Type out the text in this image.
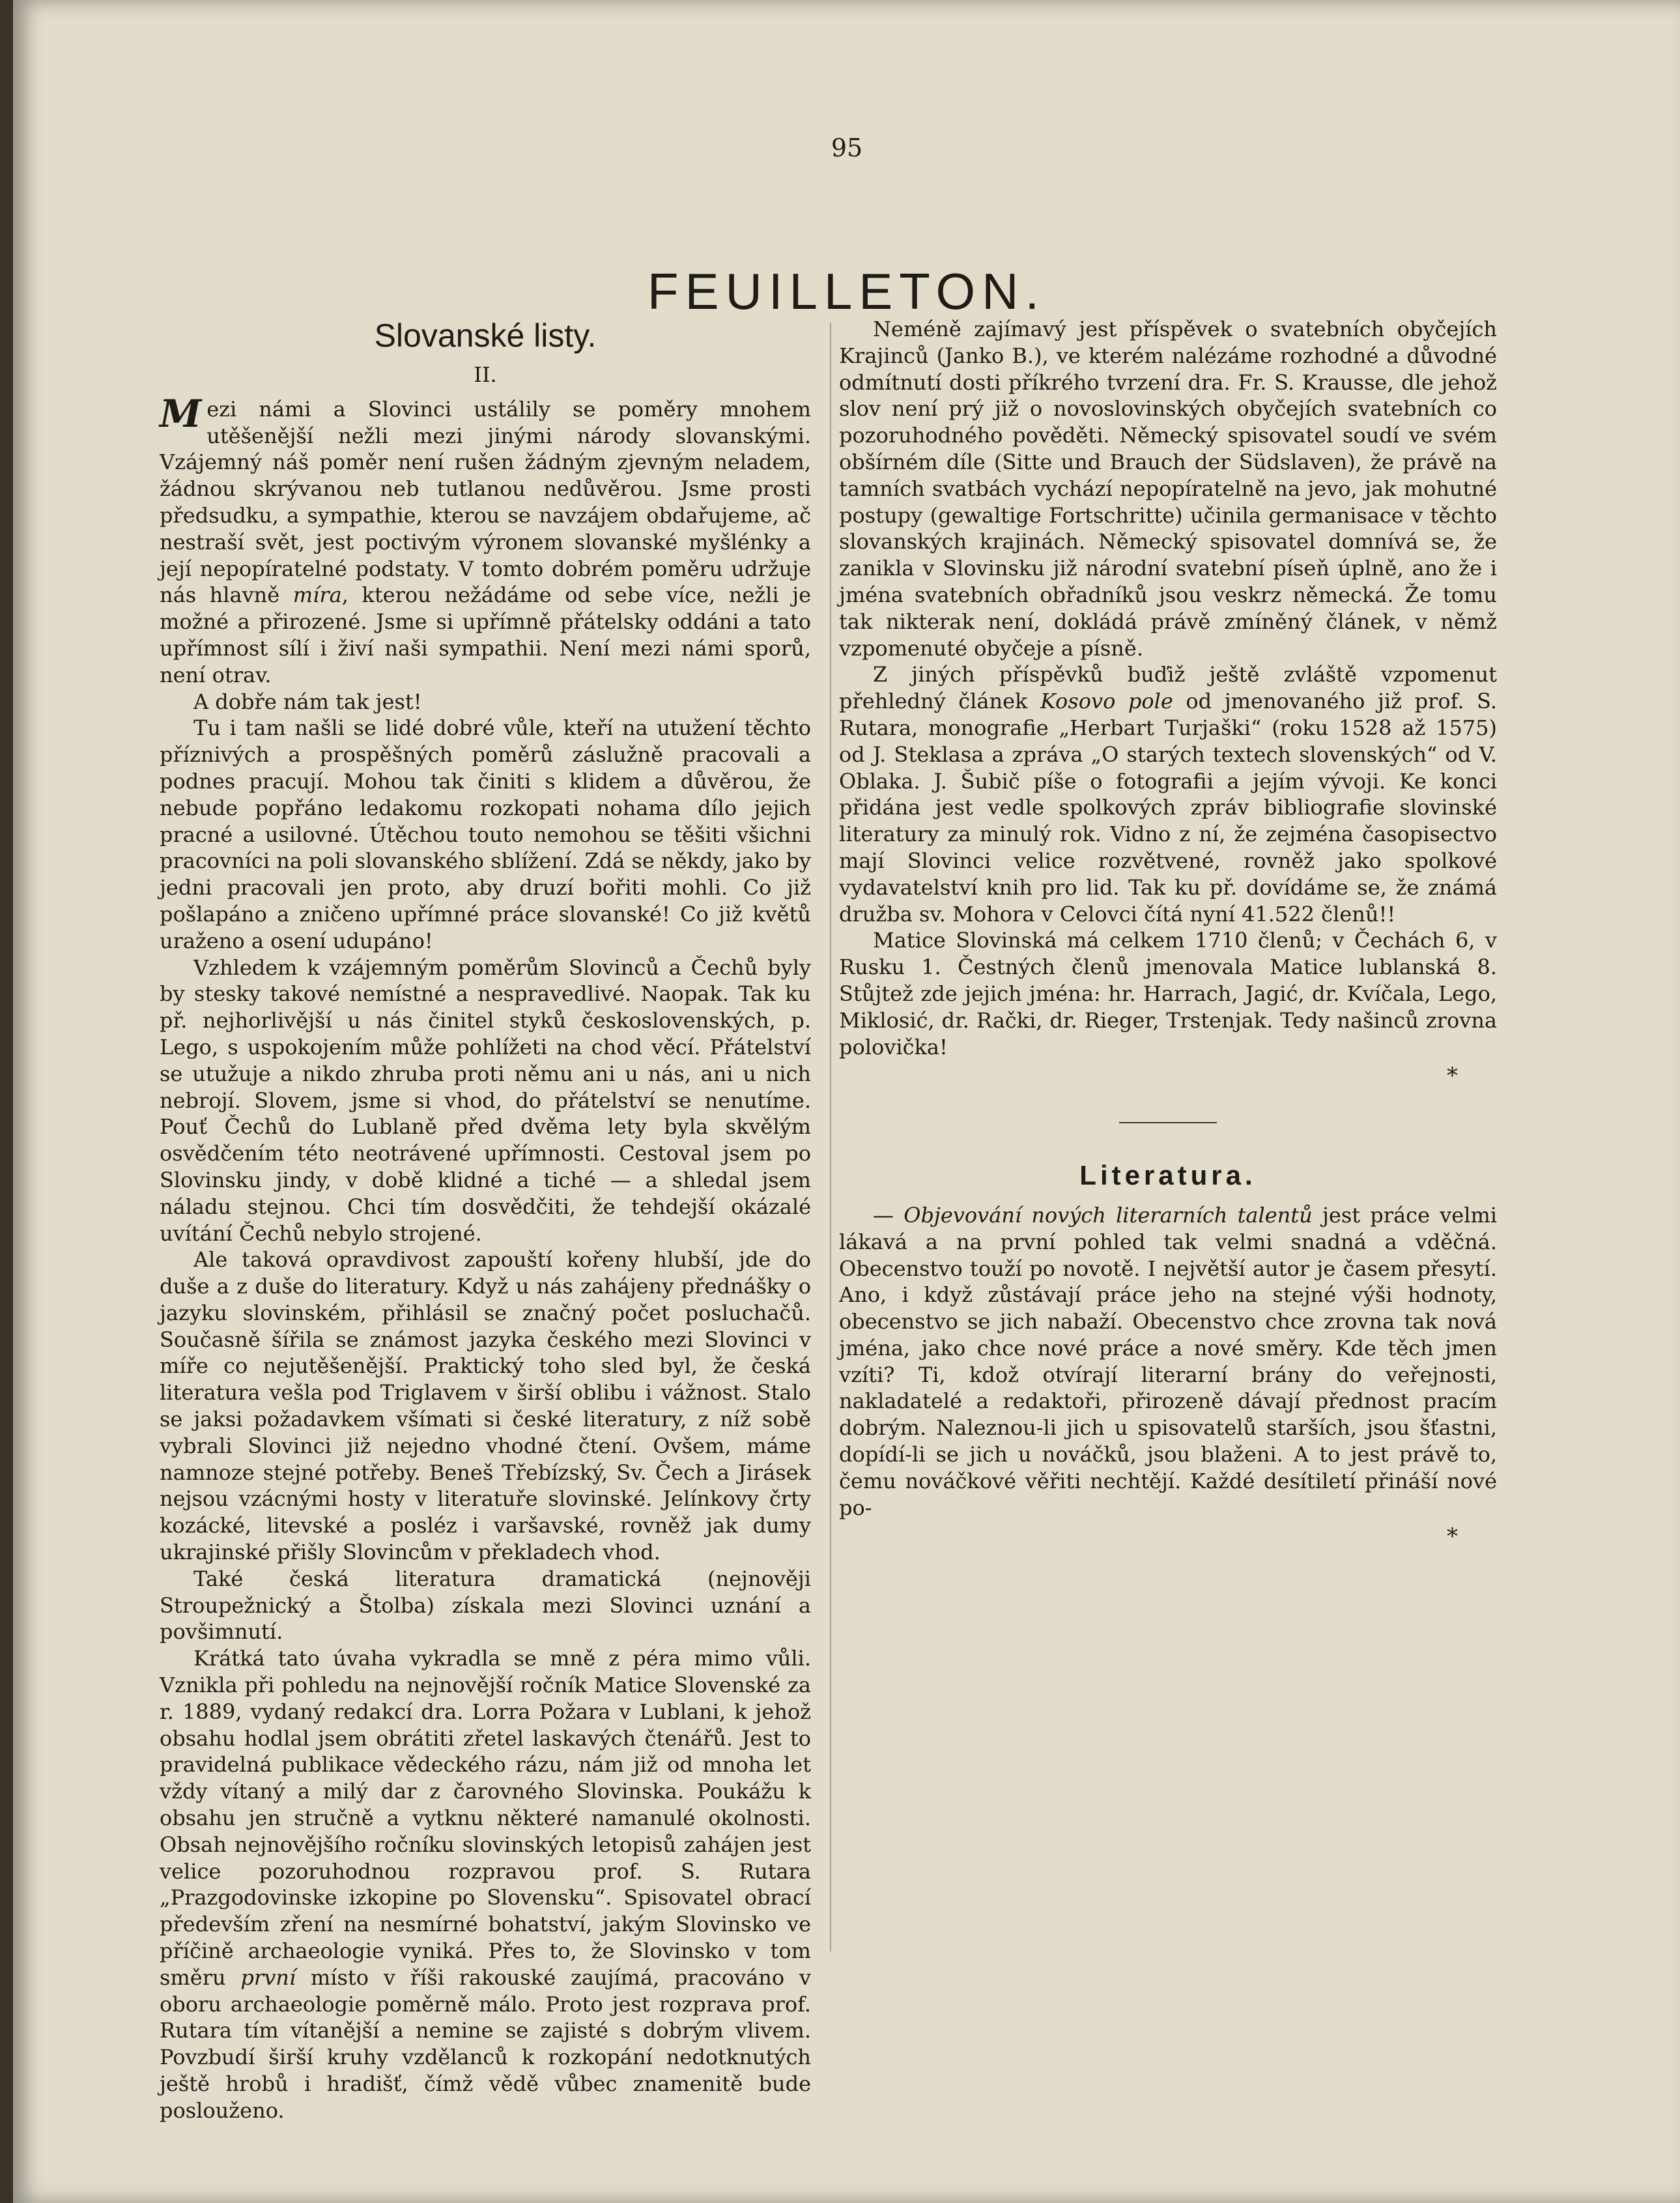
95
FEUILLETON.
Slovanské listy.
II.

Mezi námi a Slovinci ustálily se poměry mnohem utěšenější nežli mezi jinými národy slovanskými. Vzájemný náš poměr není rušen žádným zjevným neladem, žádnou skrývanou neb tutlanou nedůvěrou. Jsme prosti předsudku, a sympathie, kterou se navzájem obdařujeme, ač nestraší svět, jest poctivým výronem slovanské myšlénky a její nepopíratelné podstaty. V tomto dobrém poměru udržuje nás hlavně míra, kterou nežádáme od sebe více, nežli je možné a přirozené. Jsme si upřímně přátelsky oddáni a tato upřímnost sílí i živí naši sympathii. Není mezi námi sporů, není otrav.

A dobře nám tak jest!

Tu i tam našli se lidé dobré vůle, kteří na utužení těchto příznivých a prospěšných poměrů záslužně pracovali a podnes pracují. Mohou tak činiti s klidem a důvěrou, že nebude popřáno ledakomu rozkopati nohama dílo jejich pracné a usilovné. Útěchou touto nemohou se těšiti všichni pracovníci na poli slovanského sblížení. Zdá se někdy, jako by jedni pracovali jen proto, aby druzí bořiti mohli. Co již pošlapáno a zničeno upřímné práce slovanské! Co již květů uraženo a osení udupáno!

Vzhledem k vzájemným poměrům Slovinců a Čechů byly by stesky takové nemístné a nespravedlivé. Naopak. Tak ku př. nejhorlivější u nás činitel styků československých, p. Lego, s uspokojením může pohlížeti na chod věcí. Přátelství se utužuje a nikdo zhruba proti němu ani u nás, ani u nich nebrojí. Slovem, jsme si vhod, do přátelství se nenutíme. Pouť Čechů do Lublaně před dvěma lety byla skvělým osvědčením této neotrávené upřímnosti. Cestoval jsem po Slovinsku jindy, v době klidné a tiché — a shledal jsem náladu stejnou. Chci tím dosvědčiti, že tehdejší okázalé uvítání Čechů nebylo strojené.

Ale taková opravdivost zapouští kořeny hlubší, jde do duše a z duše do literatury. Když u nás zahájeny přednášky o jazyku slovinském, přihlásil se značný počet posluchačů. Současně šířila se známost jazyka českého mezi Slovinci v míře co nejutěšenější. Praktický toho sled byl, že česká literatura vešla pod Triglavem v širší oblibu i vážnost. Stalo se jaksi požadavkem všímati si české literatury, z níž sobě vybrali Slovinci již nejedno vhodné čtení. Ovšem, máme namnoze stejné potřeby. Beneš Třebízský, Sv. Čech a Jirásek nejsou vzácnými hosty v literatuře slovinské. Jelínkovy črty kozácké, litevské a posléz i varšavské, rovněž jak dumy ukrajinské přišly Slovincům v překladech vhod.

Také česká literatura dramatická (nejnověji Stroupežnický a Štolba) získala mezi Slovinci uznání a povšimnutí.

Krátká tato úvaha vykradla se mně z péra mimo vůli. Vznikla při pohledu na nejnovější ročník Matice Slovenské za r. 1889, vydaný redakcí dra. Lorra Požara v Lublani, k jehož obsahu hodlal jsem obrátiti zřetel laskavých čtenářů. Jest to pravidelná publikace vědeckého rázu, nám již od mnoha let vždy vítaný a milý dar z čarovného Slovinska. Poukážu k obsahu jen stručně a vytknu některé namanulé okolnosti. Obsah nejnovějšího ročníku slovinských letopisů zahájen jest velice pozoruhodnou rozpravou prof. S. Rutara „Prazgodovinske izkopine po Slovensku“. Spisovatel obrací především zření na nesmírné bohatství, jakým Slovinsko ve příčině archaeologie vyniká. Přes to, že Slovinsko v tom směru první místo v říši rakouské zaujímá, pracováno v oboru archaeologie poměrně málo. Proto jest rozprava prof. Rutara tím vítanější a nemine se zajisté s dobrým vlivem. Povzbudí širší kruhy vzdělanců k rozkopání nedotknutých ještě hrobů i hradišť, čímž vědě vůbec znamenitě bude poslouženo.

Neméně zajímavý jest příspěvek o svatebních obyčejích Krajinců (Janko B.), ve kterém nalézáme rozhodné a důvodné odmítnutí dosti příkrého tvrzení dra. Fr. S. Krausse, dle jehož slov není prý již o novoslovinských obyčejích svatebních co pozoruhodného pověděti. Německý spisovatel soudí ve svém obšírném díle (Sitte und Brauch der Südslaven), že právě na tamních svatbách vychází nepopíratelně na jevo, jak mohutné postupy (gewaltige Fortschritte) učinila germanisace v těchto slovanských krajinách. Německý spisovatel domnívá se, že zanikla v Slovinsku již národní svatební píseň úplně, ano že i jména svatebních obřadníků jsou veskrz německá. Že tomu tak nikterak není, dokládá právě zmíněný článek, v němž vzpomenuté obyčeje a písně.

Z jiných příspěvků buďiž ještě zvláště vzpomenut přehledný článek Kosovo pole od jmenovaného již prof. S. Rutara, monografie „Herbart Turjaški“ (roku 1528 až 1575) od J. Steklasa a zpráva „O starých textech slovenských“ od V. Oblaka. J. Šubič píše o fotografii a jejím vývoji. Ke konci přidána jest vedle spolkových zpráv bibliografie slovinské literatury za minulý rok. Vidno z ní, že zejména časopisectvo mají Slovinci velice rozvětvené, rovněž jako spolkové vydavatelství knih pro lid. Tak ku př. dovídáme se, že známá družba sv. Mohora v Celovci čítá nyní 41.522 členů!!

Matice Slovinská má celkem 1710 členů; v Čechách 6, v Rusku 1. Čestných členů jmenovala Matice lublanská 8. Stůjtež zde jejich jména: hr. Harrach, Jagić, dr. Kvíčala, Lego, Miklosić, dr. Rački, dr. Rieger, Trstenjak. Tedy našinců zrovna polovička!

*
Literatura.

— Objevování nových literarních talentů jest práce velmi lákavá a na první pohled tak velmi snadná a vděčná. Obecenstvo touží po novotě. I největší autor je časem přesytí. Ano, i když zůstávají práce jeho na stejné výši hodnoty, obecenstvo se jich nabaží. Obecenstvo chce zrovna tak nová jména, jako chce nové práce a nové směry. Kde těch jmen vzíti? Ti, kdož otvírají literarní brány do veřejnosti, nakladatelé a redaktoři, přirozeně dávají přednost pracím dobrým. Naleznou-li jich u spisovatelů starších, jsou šťastni, dopídí-li se jich u nováčků, jsou blaženi. A to jest právě to, čemu nováčkové věřiti nechtějí. Každé desítiletí přináší nové po-

*
